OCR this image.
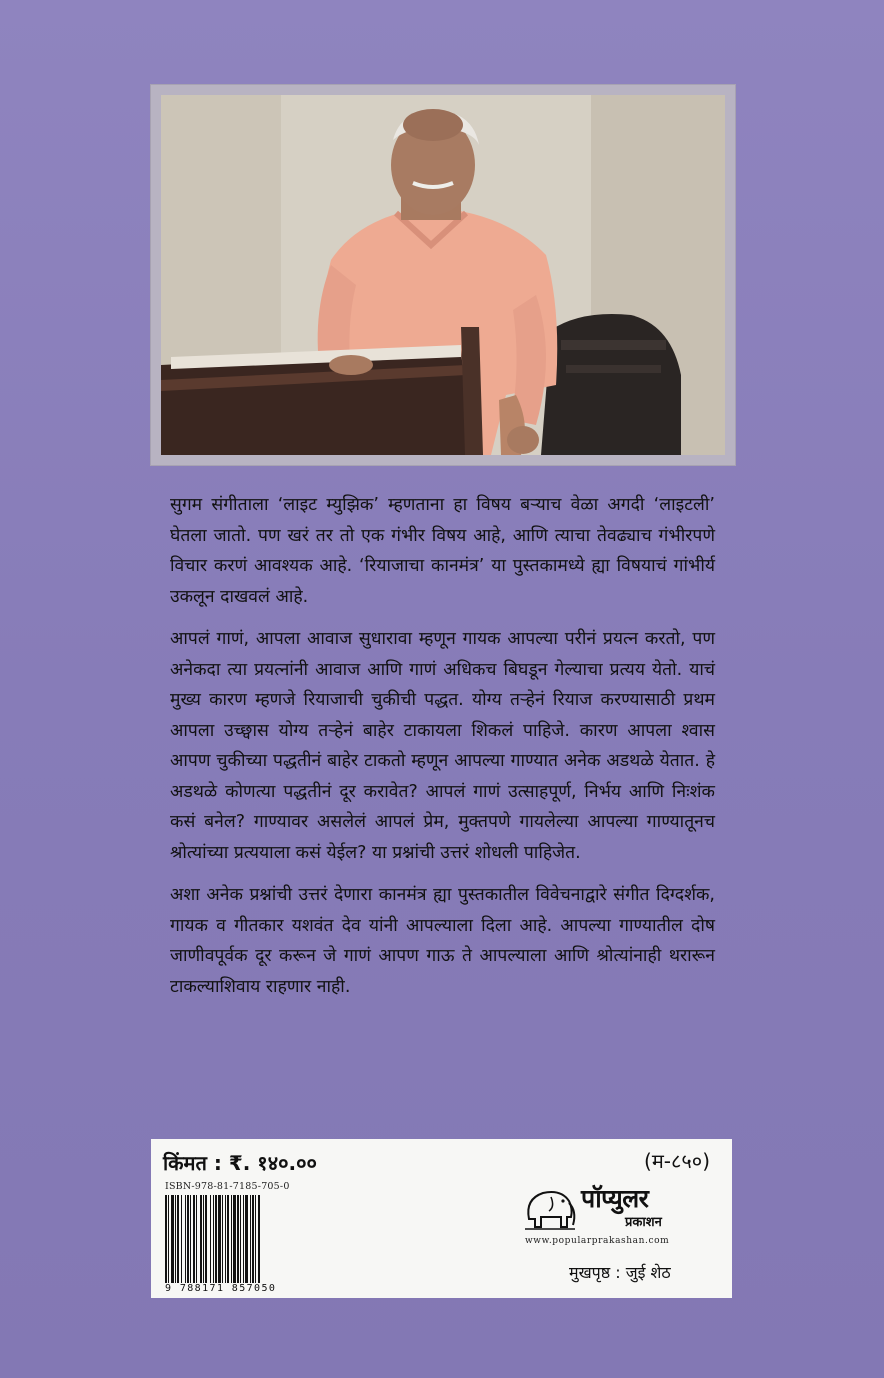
सुगम संगीताला ‘लाइट म्युझिक’ म्हणताना हा विषय बऱ्याच वेळा अगदी ‘लाइटली’ घेतला जातो. पण खरं तर तो एक गंभीर विषय आहे, आणि त्याचा तेवढ्याच गंभीरपणे विचार करणं आवश्यक आहे. ‘रियाजाचा कानमंत्र’ या पुस्तकामध्ये ह्या विषयाचं गांभीर्य उकलून दाखवलं आहे.

आपलं गाणं, आपला आवाज सुधारावा म्हणून गायक आपल्या परीनं प्रयत्न करतो, पण अनेकदा त्या प्रयत्नांनी आवाज आणि गाणं अधिकच बिघडून गेल्याचा प्रत्यय येतो. याचं मुख्य कारण म्हणजे रियाजाची चुकीची पद्धत. योग्य तऱ्हेनं रियाज करण्यासाठी प्रथम आपला उच्छ्वास योग्य तऱ्हेनं बाहेर टाकायला शिकलं पाहिजे. कारण आपला श्वास आपण चुकीच्या पद्धतीनं बाहेर टाकतो म्हणून आपल्या गाण्यात अनेक अडथळे येतात. हे अडथळे कोणत्या पद्धतीनं दूर करावेत? आपलं गाणं उत्साहपूर्ण, निर्भय आणि निःशंक कसं बनेल? गाण्यावर असलेलं आपलं प्रेम, मुक्तपणे गायलेल्या आपल्या गाण्यातूनच श्रोत्यांच्या प्रत्ययाला कसं येईल? या प्रश्नांची उत्तरं शोधली पाहिजेत.

अशा अनेक प्रश्नांची उत्तरं देणारा कानमंत्र ह्या पुस्तकातील विवेचनाद्वारे संगीत दिग्दर्शक, गायक व गीतकार यशवंत देव यांनी आपल्याला दिला आहे. आपल्या गाण्यातील दोष जाणीवपूर्वक दूर करून जे गाणं आपण गाऊ ते आपल्याला आणि श्रोत्यांनाही थरारून टाकल्याशिवाय राहणार नाही.

किंमत : ₹. १४०.००
ISBN-978-81-7185-705-0
9 788171 857050
(म-८५०)
पॉप्युलर
प्रकाशन
www.popularprakashan.com
मुखपृष्ठ : जुई शेठ
